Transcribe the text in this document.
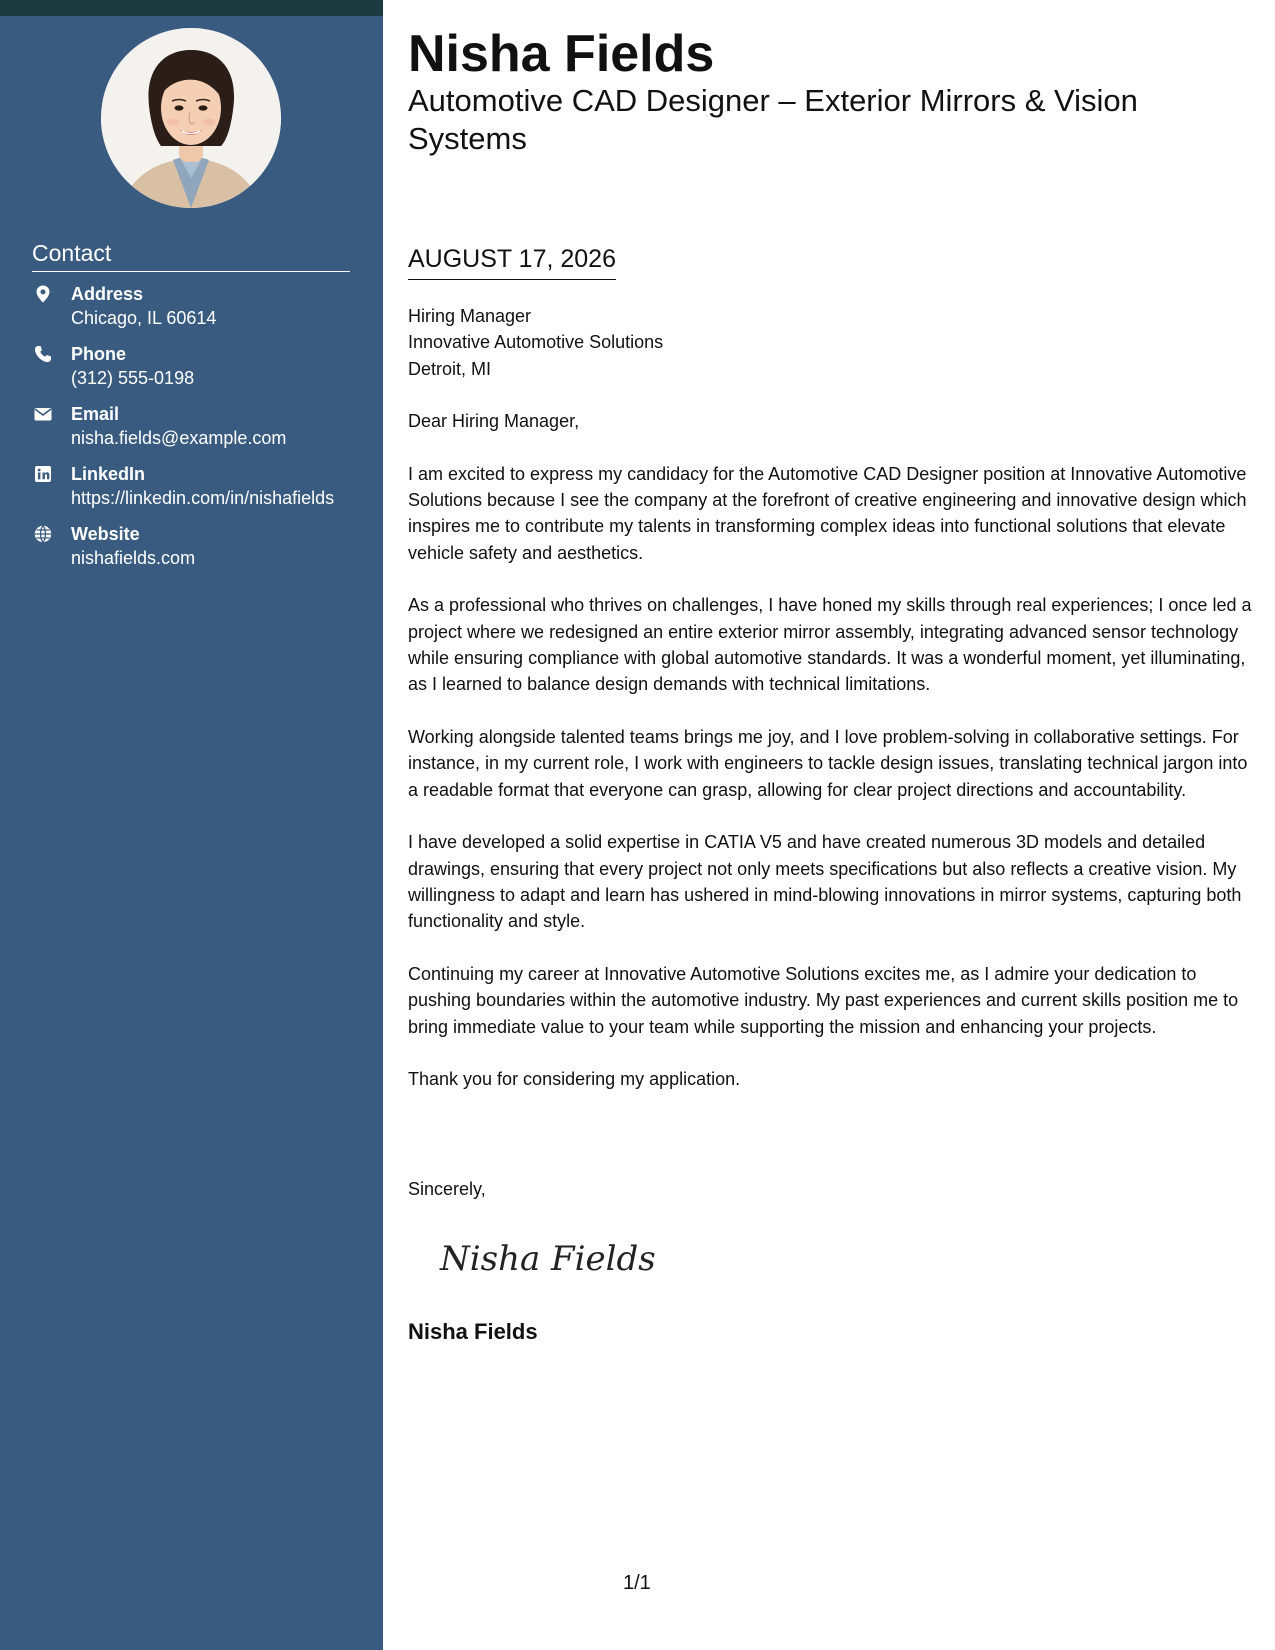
Contact
Address
Chicago, IL 60614
Phone
(312) 555-0198
Email
nisha.fields@example.com
LinkedIn
https://linkedin.com/in/nishafields
Website
nishafields.com
Nisha Fields
Automotive CAD Designer – Exterior Mirrors & Vision Systems
AUGUST 17, 2026
Hiring Manager
Innovative Automotive Solutions
Detroit, MI

Dear Hiring Manager,

I am excited to express my candidacy for the Automotive CAD Designer position at Innovative Automotive Solutions because I see the company at the forefront of creative engineering and innovative design which inspires me to contribute my talents in transforming complex ideas into functional solutions that elevate vehicle safety and aesthetics.

As a professional who thrives on challenges, I have honed my skills through real experiences; I once led a project where we redesigned an entire exterior mirror assembly, integrating advanced sensor technology while ensuring compliance with global automotive standards. It was a wonderful moment, yet illuminating, as I learned to balance design demands with technical limitations.

Working alongside talented teams brings me joy, and I love problem-solving in collaborative settings. For instance, in my current role, I work with engineers to tackle design issues, translating technical jargon into a readable format that everyone can grasp, allowing for clear project directions and accountability.

I have developed a solid expertise in CATIA V5 and have created numerous 3D models and detailed drawings, ensuring that every project not only meets specifications but also reflects a creative vision. My willingness to adapt and learn has ushered in mind-blowing innovations in mirror systems, capturing both functionality and style.

Continuing my career at Innovative Automotive Solutions excites me, as I admire your dedication to pushing boundaries within the automotive industry. My past experiences and current skills position me to bring immediate value to your team while supporting the mission and enhancing your projects.

Thank you for considering my application.

Sincerely,
Nisha Fields
Nisha Fields
1/1
